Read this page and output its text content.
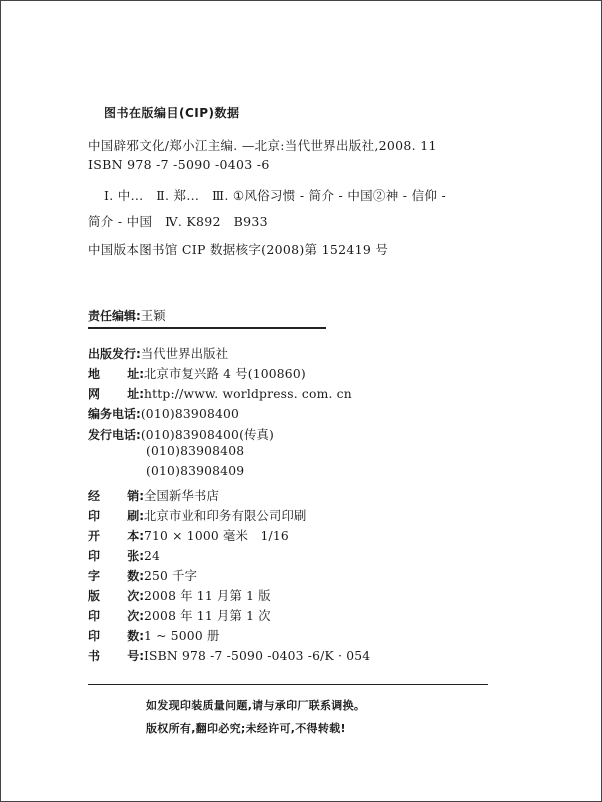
图书在版编目(CIP)数据
中国辟邪文化/郑小江主编. —北京:当代世界出版社,2008. 11
ISBN 978 -7 -5090 -0403 -6
Ⅰ. 中...　Ⅱ. 郑...　Ⅲ. ①风俗习惯 - 简介 - 中国②神 - 信仰 -
简介 - 中国　Ⅳ. K892　B933
中国版本图书馆 CIP 数据核字(2008)第 152419 号
责任编辑:王颖
出版发行:当代世界出版社
地 址: 北京市复兴路 4 号(100860)
网 址: http://www. worldpress. com. cn
编务电话:(010)83908400
发行电话:(010)83908400(传真)
(010)83908408
(010)83908409
经 销: 全国新华书店
印 刷: 北京市业和印务有限公司印刷
开 本: 710 × 1000 毫米　1/16
印 张: 24
字 数: 250 千字
版 次: 2008 年 11 月第 1 版
印 次: 2008 年 11 月第 1 次
印 数: 1 ~ 5000 册
书 号: ISBN 978 -7 -5090 -0403 -6/K · 054
如发现印装质量问题,请与承印厂联系调换。
版权所有,翻印必究;未经许可,不得转载!
